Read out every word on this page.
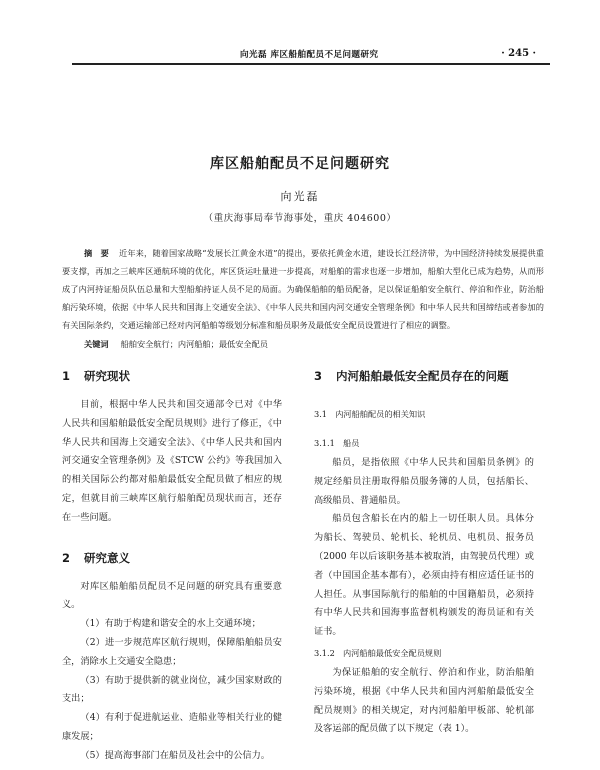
向光磊 库区船舶配员不足问题研究	· 245 ·
库区船舶配员不足问题研究
向光磊
（重庆海事局奉节海事处，重庆 404600）
摘　要 近年来，随着国家战略“发展长江黄金水道”的提出，要依托黄金水道，建设长江经济带，为中国经济持续发展提供重要支撑，再加之三峡库区通航环境的优化，库区货运吐量进一步提高，对船舶的需求也逐一步增加，船舶大型化已成为趋势，从而形成了内河持证船员队伍总量和大型船舶持证人员不足的局面。为确保船舶的船员配备，足以保证船舶安全航行、停泊和作业，防治船舶污染环境，依据《中华人民共和国海上交通安全法》、《中华人民共和国内河交通安全管理条例》和中华人民共和国缔结或者参加的有关国际条约，交通运输部已经对内河船舶等级划分标准和船员职务及最低安全配员设置进行了相应的调整。
关键词 船舶安全航行；内河船舶；最低安全配员
1 研究现状

目前，根据中华人民共和国交通部令已对《中华人民共和国船舶最低安全配员规则》进行了修正，《中华人民共和国海上交通安全法》、《中华人民共和国内河交通安全管理条例》及《STCW 公约》等我国加入的相关国际公约都对船舶最低安全配员做了相应的规定，但就目前三峡库区航行船舶配员现状而言，还存在一些问题。

2 研究意义

对库区船舶船员配员不足问题的研究具有重要意义。

（1）有助于构建和谐安全的水上交通环境；

（2）进一步规范库区航行规则，保障船舶船员安全，消除水上交通安全隐患；

（3）有助于提供新的就业岗位，减少国家财政的支出；

（4）有利于促进航运业、造船业等相关行业的健康发展；

（5）提高海事部门在船员及社会中的公信力。

3 内河船舶最低安全配员存在的问题
3.1　内河船舶配员的相关知识
3.1.1　船员

船员，是指依照《中华人民共和国船员条例》的规定经船员注册取得船员服务簿的人员，包括船长、高级船员、普通船员。

船员包含船长在内的船上一切任职人员。具体分为船长、驾驶员、轮机长、轮机员、电机员、报务员（2000 年以后该职务基本被取消，由驾驶员代理）或者（中国国企基本都有），必须由持有相应适任证书的人担任。从事国际航行的船舶的中国籍船员，必须持有中华人民共和国海事监督机构颁发的海员证和有关证书。

3.1.2　内河船舶最低安全配员规则

为保证船舶的安全航行、停泊和作业，防治船舶污染环境，根据《中华人民共和国内河船舶最低安全配员规则》的相关规定，对内河船舶甲板部、轮机部及客运部的配员做了以下规定（表 1）。
